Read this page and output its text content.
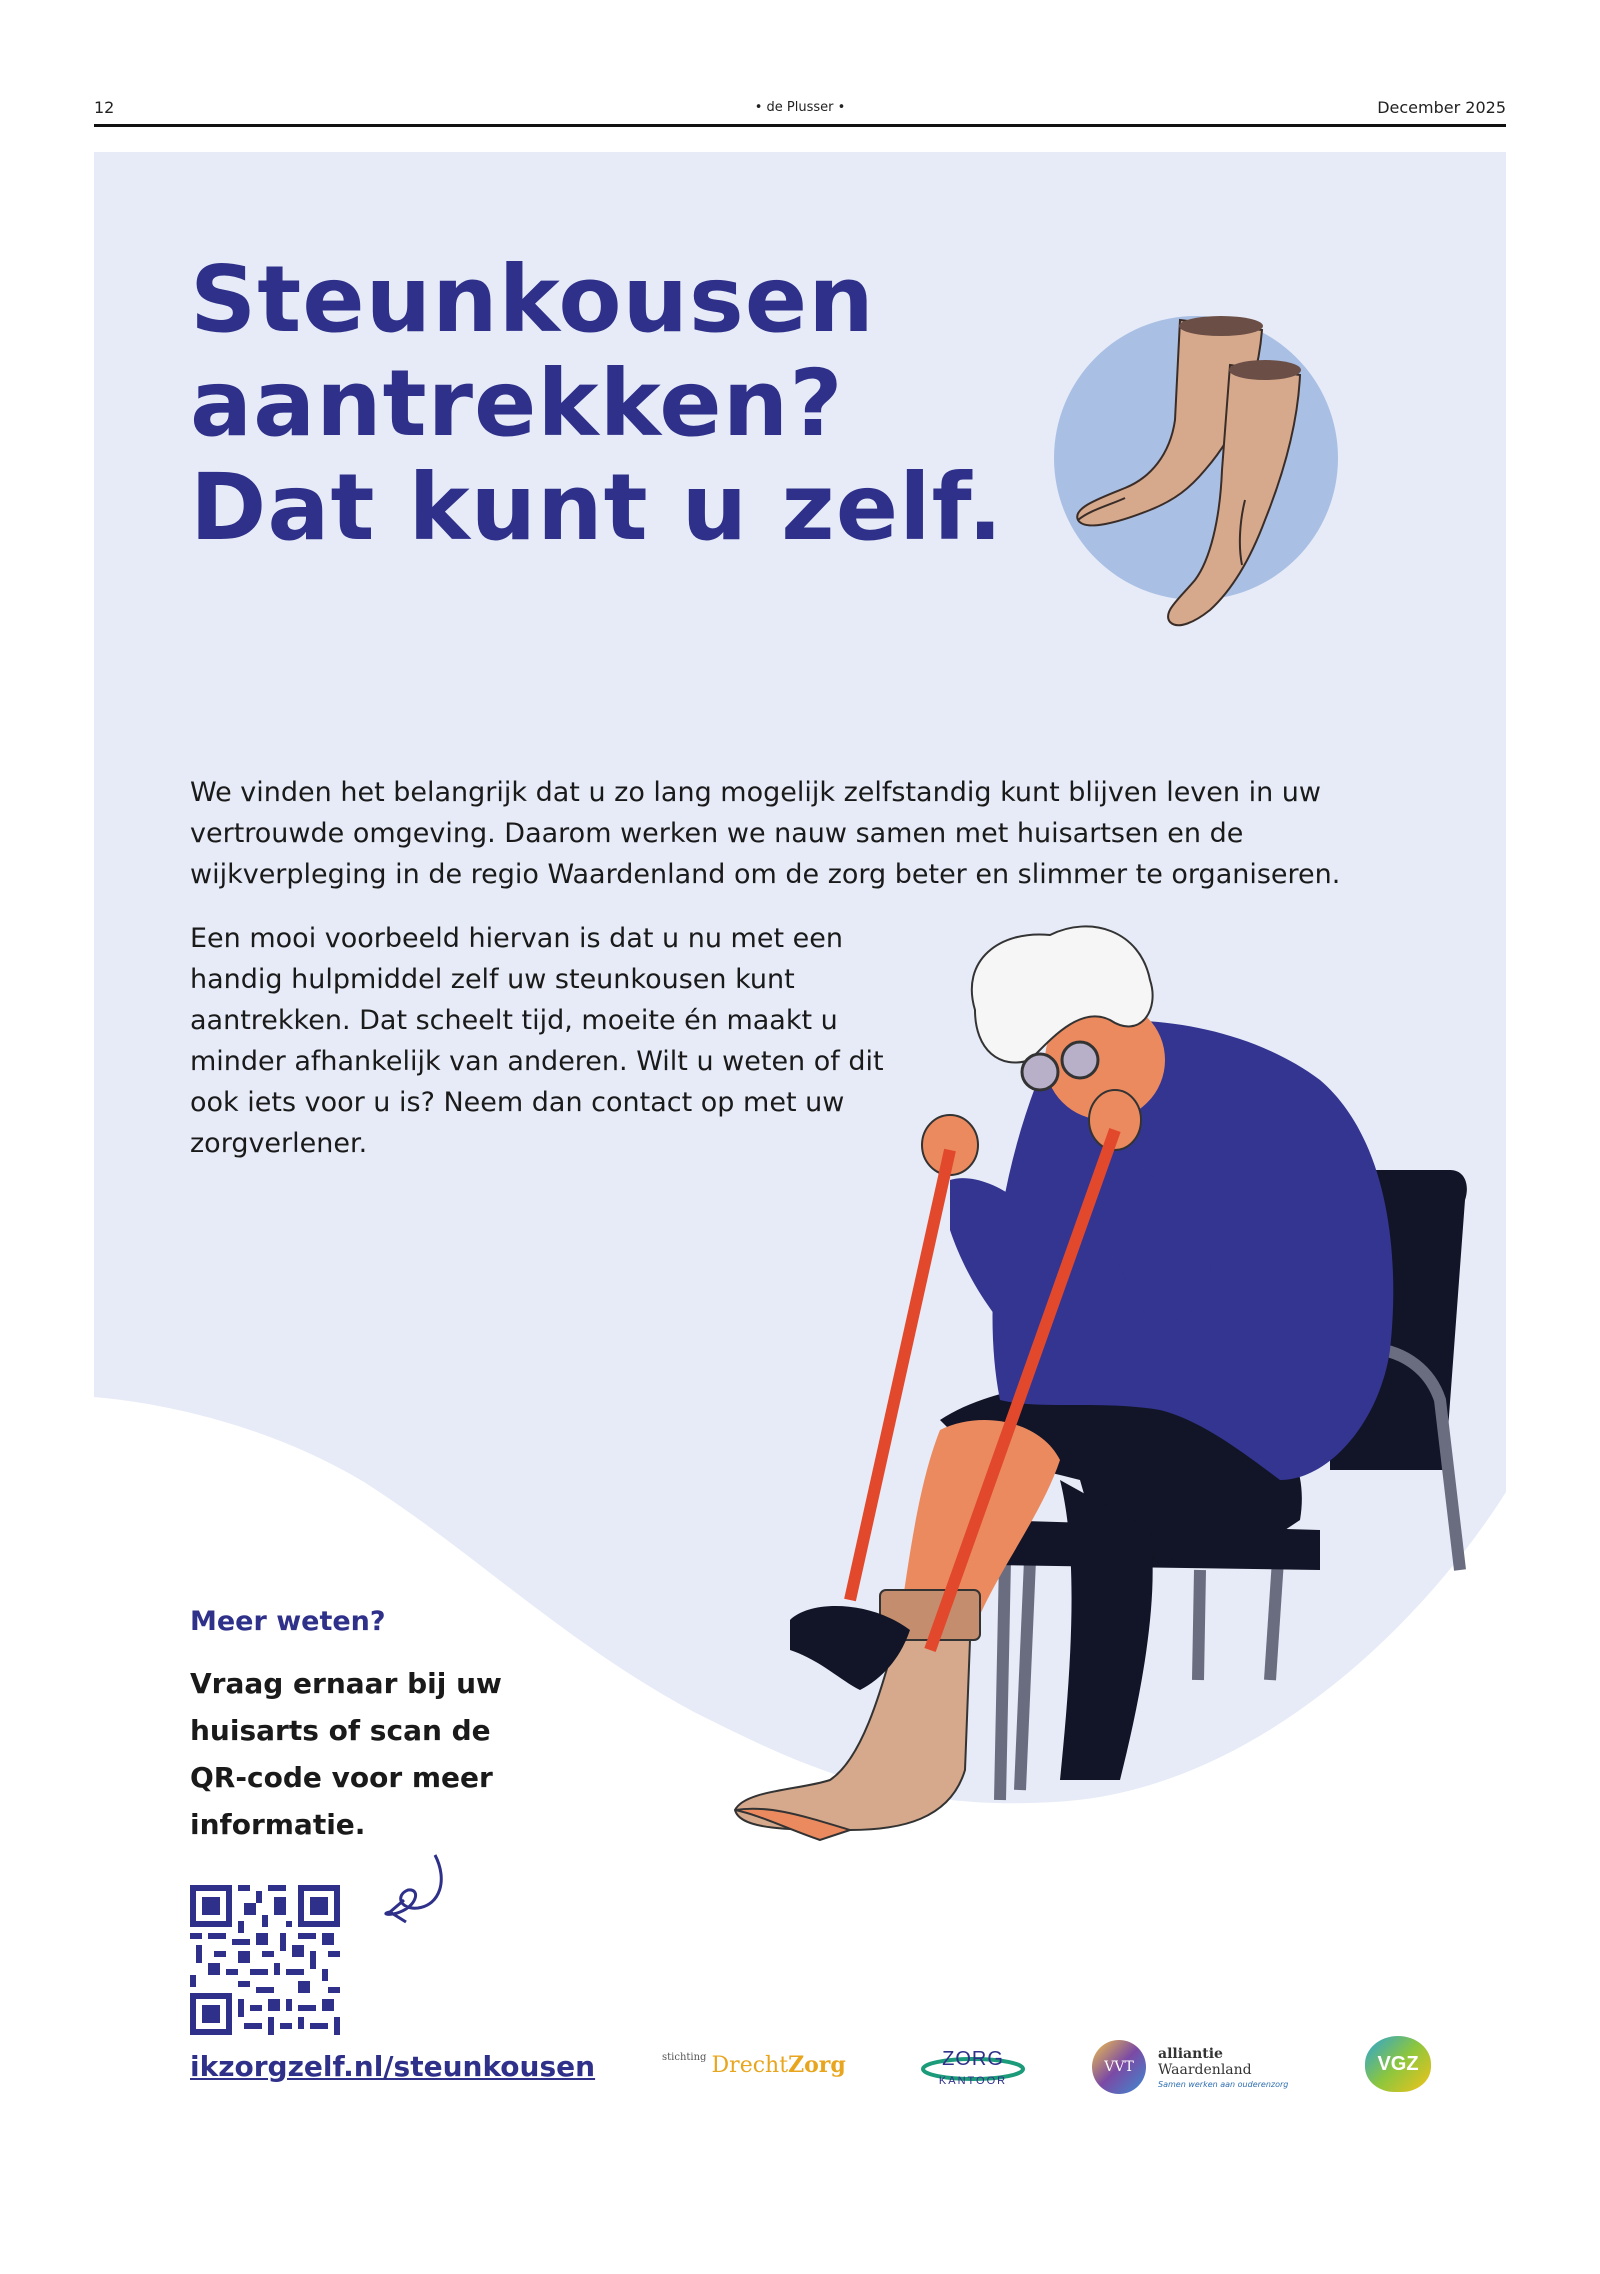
12	• de Plusser •	December 2025
Steunkousen
aantrekken?
Dat kunt u zelf.

We vinden het belangrijk dat u zo lang mogelijk zelfstandig kunt blijven leven in uw vertrouwde omgeving. Daarom werken we nauw samen met huisartsen en de wijkverpleging in de regio Waardenland om de zorg beter en slimmer te organiseren.

Een mooi voorbeeld hiervan is dat u nu met een handig hulpmiddel zelf uw steunkousen kunt aantrekken. Dat scheelt tijd, moeite én maakt u minder afhankelijk van anderen. Wilt u weten of dit ook iets voor u is? Neem dan contact op met uw zorgverlener.

Meer weten?
Vraag ernaar bij uw huisarts of scan de QR-code voor meer informatie.
ikzorgzelf.nl/steunkousen	$^{stichting}$ DrechtZorg	ZORG
KANTOOR
VVT
alliantie
Waardenland
Samen werken aan ouderenzorg
VGZ
